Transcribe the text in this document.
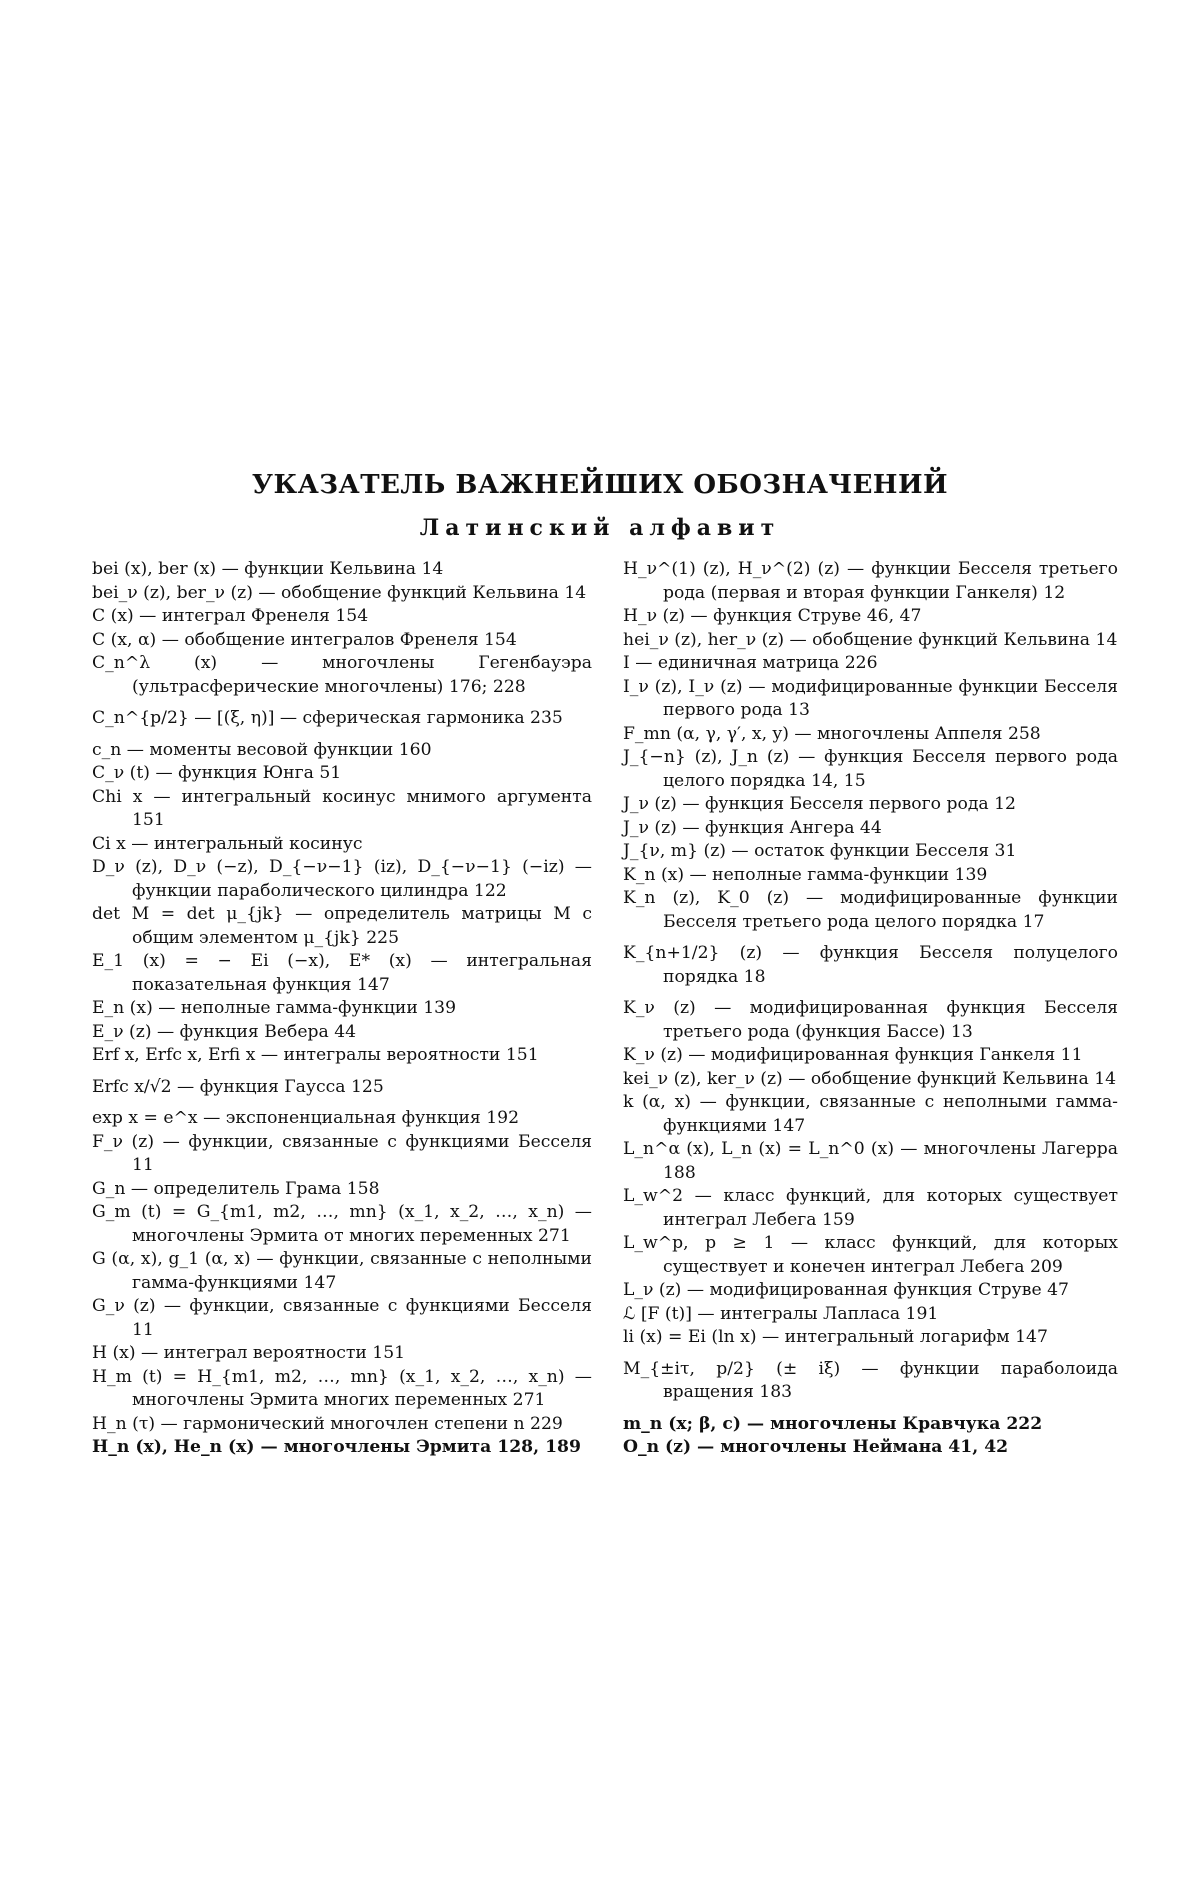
УКАЗАТЕЛЬ ВАЖНЕЙШИХ ОБОЗНАЧЕНИЙ
Латинский алфавит

bei (x), ber (x) — функции Кельвина 14

bei_ν (z), ber_ν (z) — обобщение функций Кельвина 14

C (x) — интеграл Френеля 154

C (x, α) — обобщение интегралов Френеля 154

C_n^λ (x) — многочлены Гегенбауэра (ультрасферические многочлены) 176; 228

C_n^{p/2} — [(ξ, η)] — сферическая гармоника 235

c_n — моменты весовой функции 160

C_ν (t) — функция Юнга 51

Chi x — интегральный косинус мнимого аргумента 151

Ci x — интегральный косинус

D_ν (z), D_ν (−z), D_{−ν−1} (iz), D_{−ν−1} (−iz) — функции параболического цилиндра 122

det M = det μ_{jk} — определитель матрицы M с общим элементом μ_{jk} 225

E_1 (x) = − Ei (−x), E* (x) — интегральная показательная функция 147

E_n (x) — неполные гамма-функции 139

E_ν (z) — функция Вебера 44

Erf x, Erfc x, Erfi x — интегралы вероятности 151

Erfc x/√2 — функция Гаусса 125

exp x = e^x — экспоненциальная функция 192

F_ν (z) — функции, связанные с функциями Бесселя 11

G_n — определитель Грама 158

G_m (t) = G_{m1, m2, …, mn} (x_1, x_2, …, x_n) — многочлены Эрмита от многих переменных 271

G (α, x), g_1 (α, x) — функции, связанные с неполными гамма-функциями 147

G_ν (z) — функции, связанные с функциями Бесселя 11

H (x) — интеграл вероятности 151

H_m (t) = H_{m1, m2, …, mn} (x_1, x_2, …, x_n) — многочлены Эрмита многих переменных 271

H_n (τ) — гармонический многочлен степени n 229

H_n (x), He_n (x) — многочлены Эрмита 128, 189

H_ν^(1) (z), H_ν^(2) (z) — функции Бесселя третьего рода (первая и вторая функции Ганкеля) 12

H_ν (z) — функция Струве 46, 47

hei_ν (z), her_ν (z) — обобщение функций Кельвина 14

I — единичная матрица 226

I_ν (z), I_ν (z) — модифицированные функции Бесселя первого рода 13

F_mn (α, γ, γ′, x, y) — многочлены Аппеля 258

J_{−n} (z), J_n (z) — функция Бесселя первого рода целого порядка 14, 15

J_ν (z) — функция Бесселя первого рода 12

J_ν (z) — функция Ангера 44

J_{ν, m} (z) — остаток функции Бесселя 31

K_n (x) — неполные гамма-функции 139

K_n (z), K_0 (z) — модифицированные функции Бесселя третьего рода целого порядка 17

K_{n+1/2} (z) — функция Бесселя полуцелого порядка 18

K_ν (z) — модифицированная функция Бесселя третьего рода (функция Бассе) 13

K_ν (z) — модифицированная функция Ганкеля 11

kei_ν (z), ker_ν (z) — обобщение функций Кельвина 14

k (α, x) — функции, связанные с неполными гамма-функциями 147

L_n^α (x), L_n (x) = L_n^0 (x) — многочлены Лагерра 188

L_w^2 — класс функций, для которых существует интеграл Лебега 159

L_w^p, p ≥ 1 — класс функций, для которых существует и конечен интеграл Лебега 209

L_ν (z) — модифицированная функция Струве 47

ℒ [F (t)] — интегралы Лапласа 191

li (x) = Ei (ln x) — интегральный логарифм 147

M_{±iτ, p/2} (± iξ) — функции параболоида вращения 183

m_n (x; β, c) — многочлены Кравчука 222

O_n (z) — многочлены Неймана 41, 42
